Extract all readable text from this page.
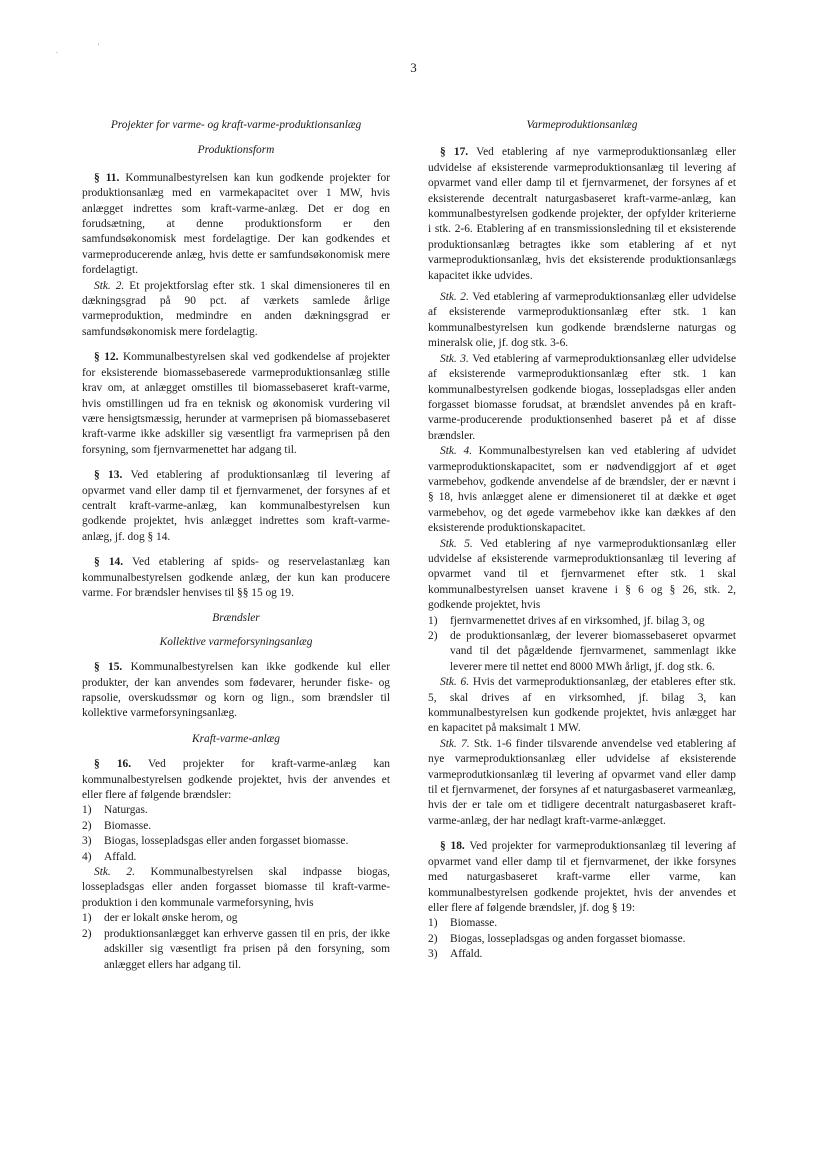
.	'
3
Projekter for varme- og kraft-varme-produktionsanlæg
Produktionsform

§ 11. Kommunalbestyrelsen kan kun godkende projekter for produktionsanlæg med en varmekapacitet over 1 MW, hvis anlægget indrettes som kraft-varme-anlæg. Det er dog en forudsætning, at denne produktionsform er den samfundsøkonomisk mest fordelagtige. Der kan godkendes et varmeproducerende anlæg, hvis dette er samfundsøkonomisk mere fordelagtigt.

Stk. 2. Et projektforslag efter stk. 1 skal dimensioneres til en dækningsgrad på 90 pct. af værkets samlede årlige varmeproduktion, medmindre en anden dækningsgrad er samfundsøkonomisk mere fordelagtig.

§ 12. Kommunalbestyrelsen skal ved godkendelse af projekter for eksisterende biomassebaserede varmeproduktionsanlæg stille krav om, at anlægget omstilles til biomassebaseret kraft-varme, hvis omstillingen ud fra en teknisk og økonomisk vurdering vil være hensigtsmæssig, herunder at varmeprisen på biomassebaseret kraft-varme ikke adskiller sig væsentligt fra varmeprisen på den forsyning, som fjernvarmenettet har adgang til.

§ 13. Ved etablering af produktionsanlæg til levering af opvarmet vand eller damp til et fjernvarmenet, der forsynes af et centralt kraft-varme-anlæg, kan kommunalbestyrelsen kun godkende projektet, hvis anlægget indrettes som kraft-varme-anlæg, jf. dog § 14.

§ 14. Ved etablering af spids- og reservelastanlæg kan kommunalbestyrelsen godkende anlæg, der kun kan producere varme. For brændsler henvises til §§ 15 og 19.

Brændsler
Kollektive varmeforsyningsanlæg

§ 15. Kommunalbestyrelsen kan ikke godkende kul eller produkter, der kan anvendes som fødevarer, herunder fiske- og rapsolie, overskudssmør og korn og lign., som brændsler til kollektive varmeforsyningsanlæg.

Kraft-varme-anlæg

§ 16. Ved projekter for kraft-varme-anlæg kan kommunalbestyrelsen godkende projektet, hvis der anvendes et eller flere af følgende brændsler:

1)	Naturgas.
2)	Biomasse.
3)	Biogas, lossepladsgas eller anden forgasset biomasse.
4)	Affald.

Stk. 2. Kommunalbestyrelsen skal indpasse biogas, lossepladsgas eller anden forgasset biomasse til kraft-varme-produktion i den kommunale varmeforsyning, hvis

1)	der er lokalt ønske herom, og
2)	produktionsanlægget kan erhverve gassen til en pris, der ikke adskiller sig væsentligt fra prisen på den forsyning, som anlægget ellers har adgang til.
Varmeproduktionsanlæg

§ 17. Ved etablering af nye varmeproduktionsanlæg eller udvidelse af eksisterende varmeproduktionsanlæg til levering af opvarmet vand eller damp til et fjernvarmenet, der forsynes af et eksisterende decentralt naturgasbaseret kraft-varme-anlæg, kan kommunalbestyrelsen godkende projekter, der opfylder kriterierne i stk. 2-6. Etablering af en transmissionsledning til et eksisterende produktionsanlæg betragtes ikke som etablering af et nyt varmeproduktionsanlæg, hvis det eksisterende produktionsanlægs kapacitet ikke udvides.

Stk. 2. Ved etablering af varmeproduktionsanlæg eller udvidelse af eksisterende varmeproduktionsanlæg efter stk. 1 kan kommunalbestyrelsen kun godkende brændslerne naturgas og mineralsk olie, jf. dog stk. 3-6.

Stk. 3. Ved etablering af varmeproduktionsanlæg eller udvidelse af eksisterende varmeproduktionsanlæg efter stk. 1 kan kommunalbestyrelsen godkende biogas, lossepladsgas eller anden forgasset biomasse forudsat, at brændslet anvendes på en kraft-varme-producerende produktionsenhed baseret på et af disse brændsler.

Stk. 4. Kommunalbestyrelsen kan ved etablering af udvidet varmeproduktionskapacitet, som er nødvendiggjort af et øget varmebehov, godkende anvendelse af de brændsler, der er nævnt i § 18, hvis anlægget alene er dimensioneret til at dække et øget varmebehov, og det øgede varmebehov ikke kan dækkes af den eksisterende produktionskapacitet.

Stk. 5. Ved etablering af nye varmeproduktionsanlæg eller udvidelse af eksisterende varmeproduktionsanlæg til levering af opvarmet vand til et fjernvarmenet efter stk. 1 skal kommunalbestyrelsen uanset kravene i § 6 og § 26, stk. 2, godkende projektet, hvis

1)	fjernvarmenettet drives af en virksomhed, jf. bilag 3, og
2)	de produktionsanlæg, der leverer biomassebaseret opvarmet vand til det pågældende fjernvarmenet, sammenlagt ikke leverer mere til nettet end 8000 MWh årligt, jf. dog stk. 6.

Stk. 6. Hvis det varmeproduktionsanlæg, der etableres efter stk. 5, skal drives af en virksomhed, jf. bilag 3, kan kommunalbestyrelsen kun godkende projektet, hvis anlægget har en kapacitet på maksimalt 1 MW.

Stk. 7. Stk. 1-6 finder tilsvarende anvendelse ved etablering af nye varmeproduktionsanlæg eller udvidelse af eksisterende varmeprodutkionsanlæg til levering af opvarmet vand eller damp til et fjernvarmenet, der forsynes af et naturgasbaseret varmeanlæg, hvis der er tale om et tidligere decentralt naturgasbaseret kraft-varme-anlæg, der har nedlagt kraft-varme-anlægget.

§ 18. Ved projekter for varmeproduktionsanlæg til levering af opvarmet vand eller damp til et fjernvarmenet, der ikke forsynes med naturgasbaseret kraft-varme eller varme, kan kommunalbestyrelsen godkende projektet, hvis der anvendes et eller flere af følgende brændsler, jf. dog § 19:

1)	Biomasse.
2)	Biogas, lossepladsgas og anden forgasset biomasse.
3)	Affald.
